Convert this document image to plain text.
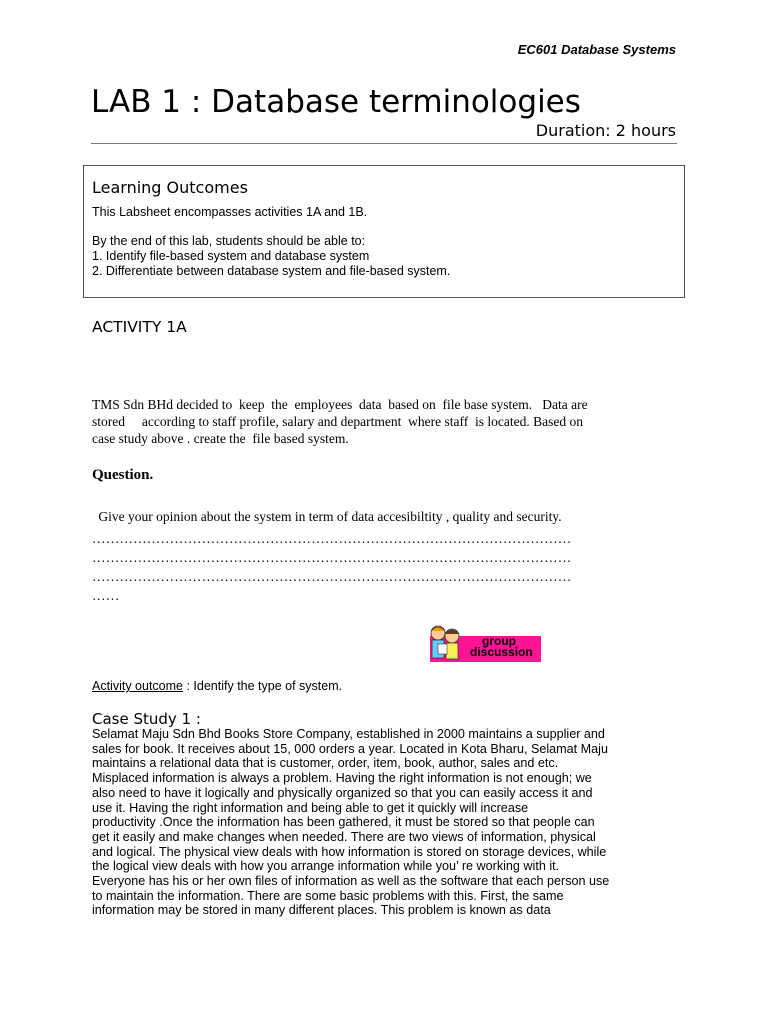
EC601 Database Systems
LAB 1 : Database terminologies
Duration: 2 hours
Learning Outcomes
This Labsheet encompasses activities 1A and 1B.
By the end of this lab, students should be able to:
1. Identify file-based system and database system
2. Differentiate between database system and file-based system.
ACTIVITY 1A
TMS Sdn BHd decided to  keep  the  employees  data  based on  file base system.   Data are
stored     according to staff profile, salary and department  where staff  is located. Based on
case study above . create the  file based system.
Question.
Give your opinion about the system in term of data accesibiltity , quality and security.
……………………………………………………………………………………………
……………………………………………………………………………………………
……………………………………………………………………………………………
……
group
discussion
Activity outcome : Identify the type of system.
Case Study 1 :
Selamat Maju Sdn Bhd Books Store Company, established in 2000 maintains a supplier and
sales for book. It receives about 15, 000 orders a year. Located in Kota Bharu, Selamat Maju
maintains a relational data that is customer, order, item, book, author, sales and etc.
Misplaced information is always a problem. Having the right information is not enough; we
also need to have it logically and physically organized so that you can easily access it and
use it. Having the right information and being able to get it quickly will increase
productivity .Once the information has been gathered, it must be stored so that people can
get it easily and make changes when needed. There are two views of information, physical
and logical. The physical view deals with how information is stored on storage devices, while
the logical view deals with how you arrange information while you’ re working with it.
Everyone has his or her own files of information as well as the software that each person use
to maintain the information. There are some basic problems with this. First, the same
information may be stored in many different places. This problem is known as data
